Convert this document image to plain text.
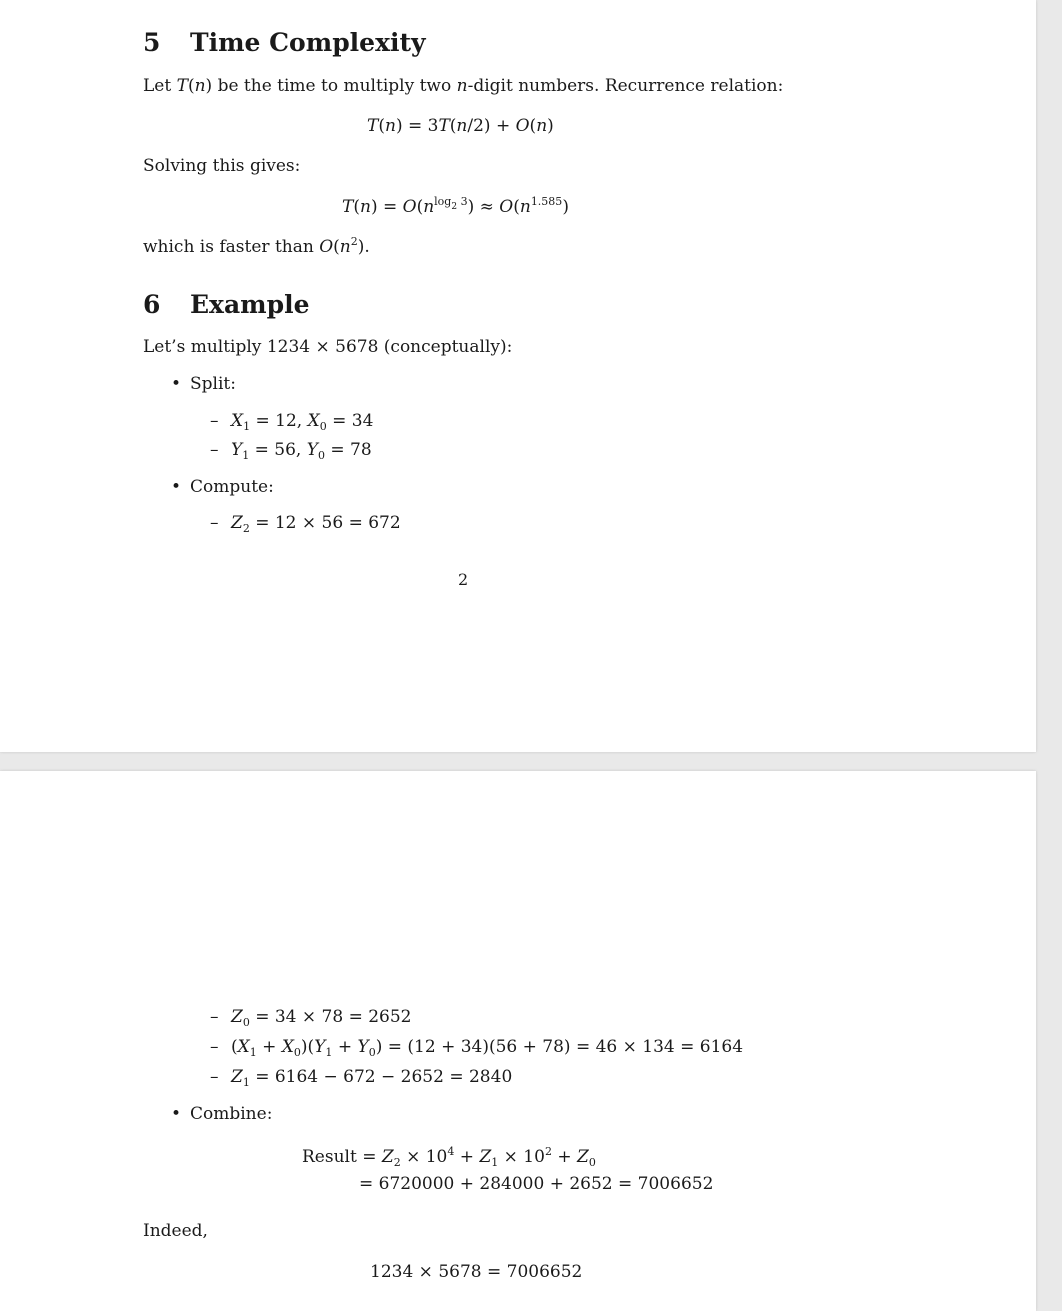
5 Time Complexity
Let T(n) be the time to multiply two n-digit numbers. Recurrence relation:
T(n) = 3T(n/2) + O(n)
Solving this gives:
$T(n) = O(n^{log_2 3}) \approx O(n^{1.585})$
which is faster than $O(n^2)$.
6 Example
Let’s multiply 1234 × 5678 (conceptually):
• Split:
– $X_1 = 12$, $X_0 = 34$
– $Y_1 = 56$, $Y_0 = 78$
• Compute:
– $Z_2 = 12 \times 56 = 672$
2
– $Z_0 = 34 \times 78 = 2652$
– $(X_1 + X_0)(Y_1 + Y_0) = (12 + 34)(56 + 78) = 46 \times 134 = 6164$
– $Z_1 = 6164 - 672 - 2652 = 2840$
• Combine:
Result = $Z_2 \times 10^4 + Z_1 \times 10^2 + Z_0$
= 6720000 + 284000 + 2652 = 7006652
Indeed,
1234 × 5678 = 7006652
